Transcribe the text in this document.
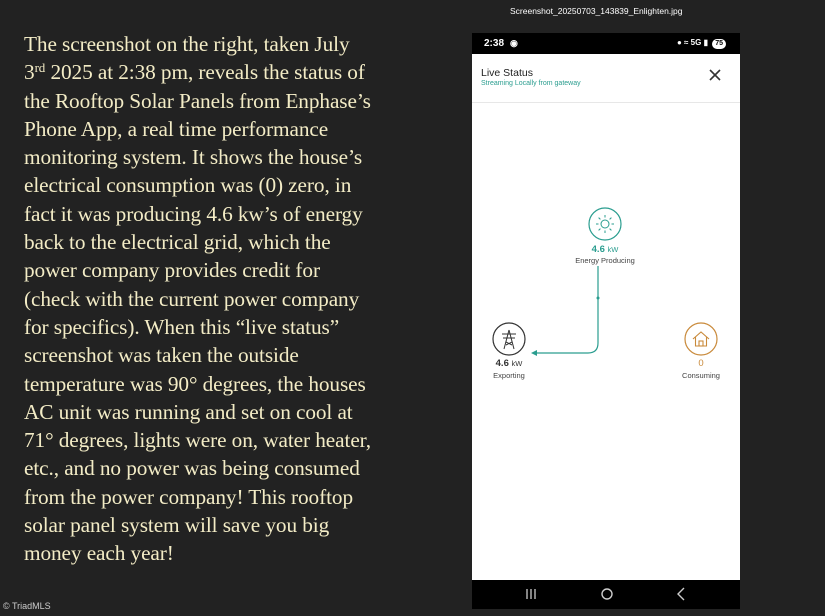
Screenshot_20250703_143839_Enlighten.jpg
The screenshot on the right, taken July
3rd 2025 at 2:38 pm, reveals the status of
the Rooftop Solar Panels from Enphase’s
Phone App, a real time performance
monitoring system. It shows the house’s
electrical consumption was (0) zero, in
fact it was producing 4.6 kw’s of energy
back to the electrical grid, which the
power company provides credit for
(check with the current power company
for specifics). When this “live status”
screenshot was taken the outside
temperature was 90° degrees, the houses
AC unit was running and set on cool at
71° degrees, lights were on, water heater,
etc., and no power was being consumed
from the power company! This rooftop
solar panel system will save you big
money each year!
2:38 ◉	● ≈ 5G ▮ 75
Live Status
Streaming Locally from gateway
4.6 kW
Energy Producing
4.6 kW
Exporting
0
Consuming
© TriadMLS
